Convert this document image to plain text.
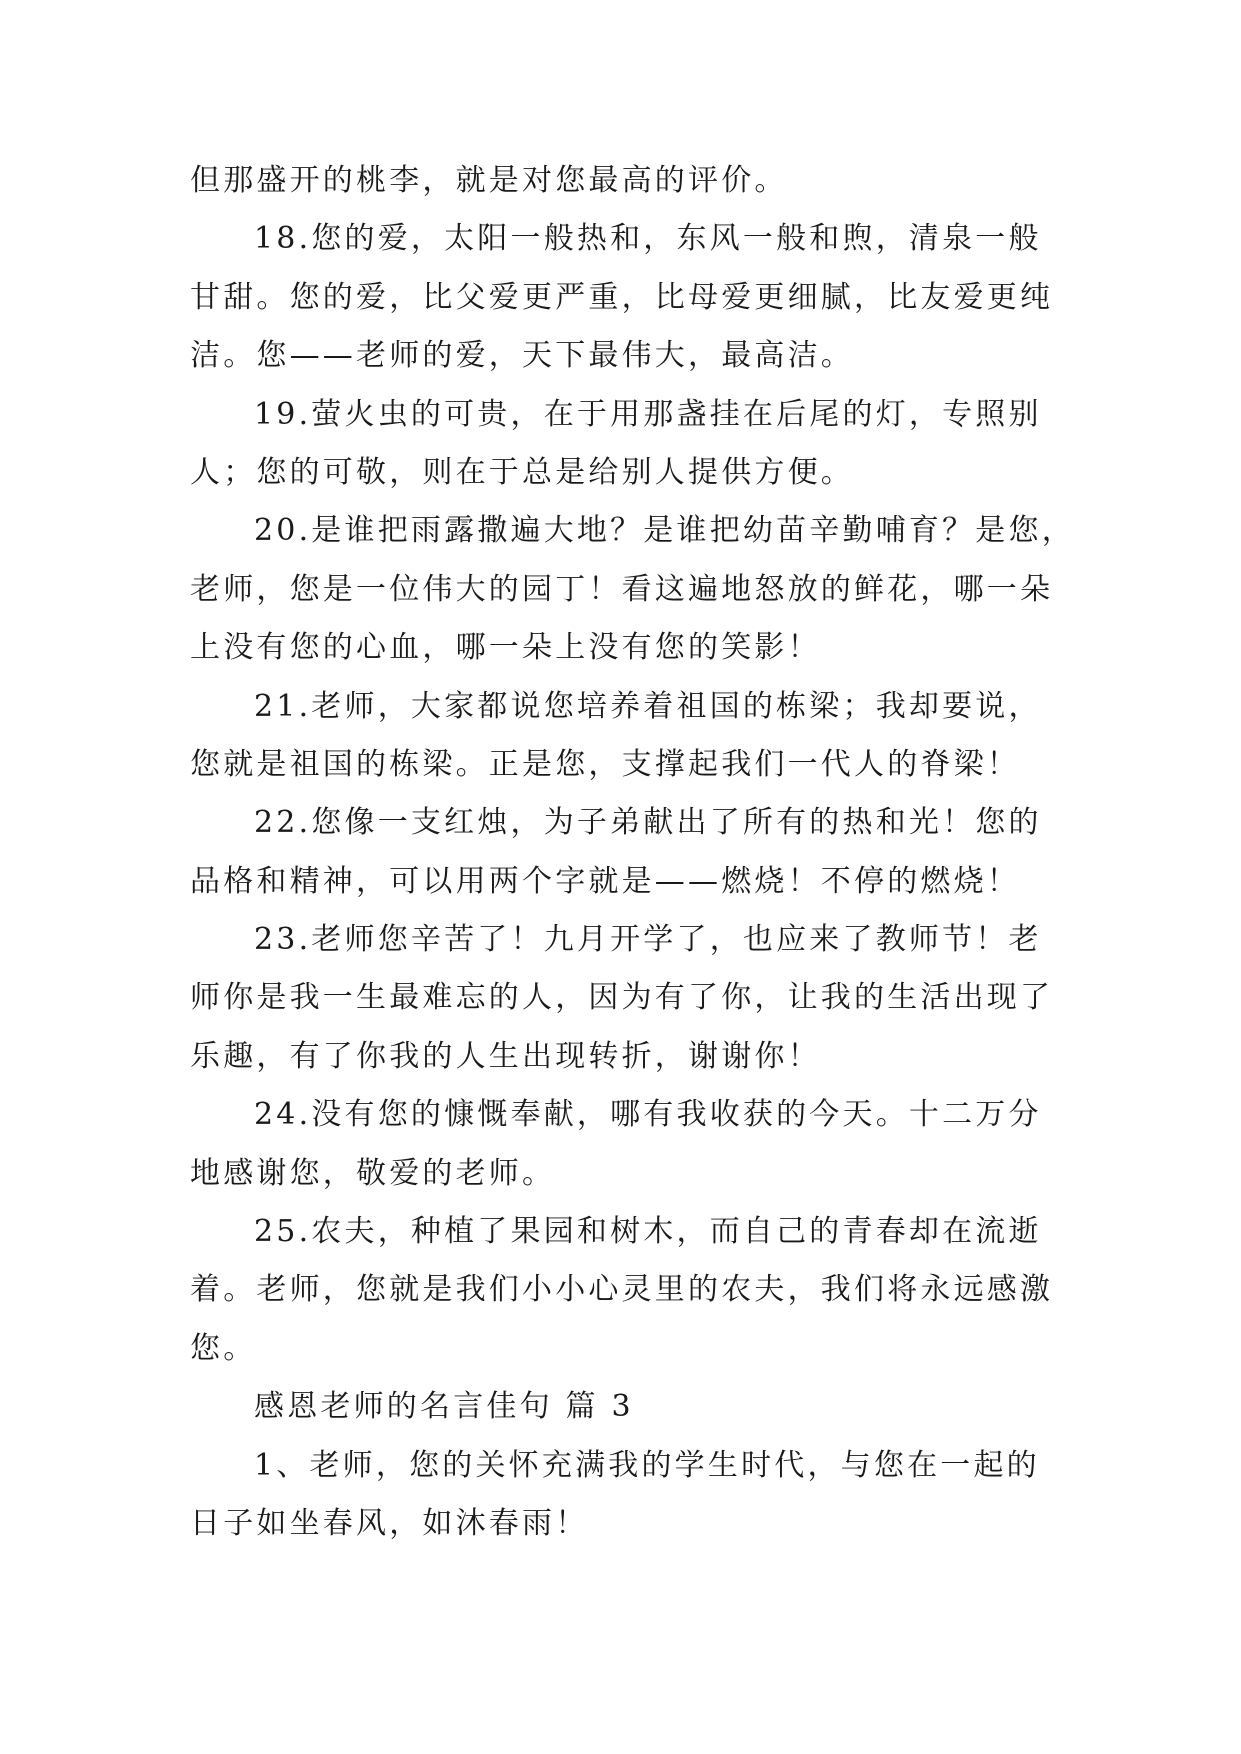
但那盛开的桃李，就是对您最高的评价。
18.您的爱，太阳一般热和，东风一般和煦，清泉一般
甘甜。您的爱，比父爱更严重，比母爱更细腻，比友爱更纯
洁。您——老师的爱，天下最伟大，最高洁。
19.萤火虫的可贵，在于用那盏挂在后尾的灯，专照别
人；您的可敬，则在于总是给别人提供方便。
20.是谁把雨露撒遍大地？是谁把幼苗辛勤哺育？是您，
老师，您是一位伟大的园丁！看这遍地怒放的鲜花，哪一朵
上没有您的心血，哪一朵上没有您的笑影！
21.老师，大家都说您培养着祖国的栋梁；我却要说，
您就是祖国的栋梁。正是您，支撑起我们一代人的脊梁！
22.您像一支红烛，为子弟献出了所有的热和光！您的
品格和精神，可以用两个字就是——燃烧！不停的燃烧！
23.老师您辛苦了！九月开学了，也应来了教师节！老
师你是我一生最难忘的人，因为有了你，让我的生活出现了
乐趣，有了你我的人生出现转折，谢谢你！
24.没有您的慷慨奉献，哪有我收获的今天。十二万分
地感谢您，敬爱的老师。
25.农夫，种植了果园和树木，而自己的青春却在流逝
着。老师，您就是我们小小心灵里的农夫，我们将永远感激
您。
感恩老师的名言佳句 篇 3
1、老师，您的关怀充满我的学生时代，与您在一起的
日子如坐春风，如沐春雨！
